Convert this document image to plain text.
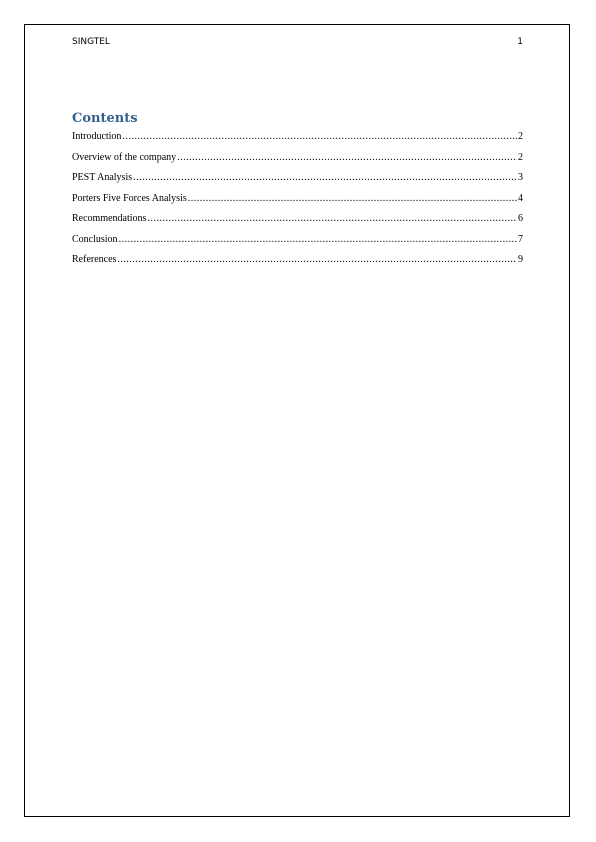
SINGTEL	1
Contents
Introduction .....	2
Overview of the company .....	2
PEST Analysis .....	3
Porters Five Forces Analysis .....	4
Recommendations .....	6
Conclusion .....	7
References .....	9
